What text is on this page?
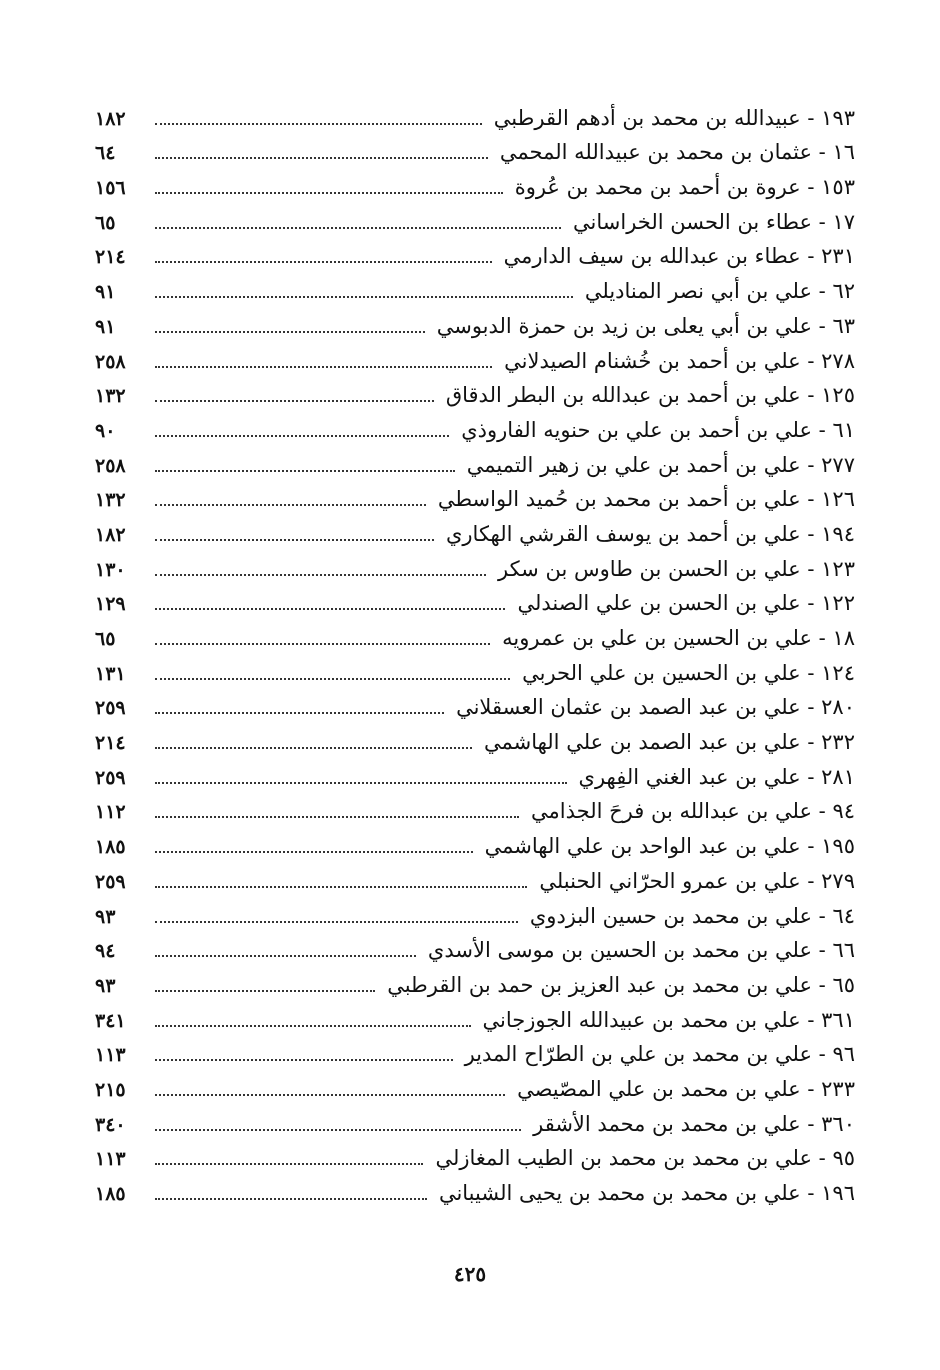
١٩٣ - عبيدالله بن محمد بن أدهم القرطبي
١٨٢
١٦ - عثمان بن محمد بن عبيدالله المحمي
٦٤
١٥٣ - عروة بن أحمد بن محمد بن عُروة
١٥٦
١٧ - عطاء بن الحسن الخراساني
٦٥
٢٣١ - عطاء بن عبدالله بن سيف الدارمي
٢١٤
٦٢ - علي بن أبي نصر المناديلي
٩١
٦٣ - علي بن أبي يعلى بن زيد بن حمزة الدبوسي
٩١
٢٧٨ - علي بن أحمد بن خُشنام الصيدلاني
٢٥٨
١٢٥ - علي بن أحمد بن عبدالله بن البطر الدقاق
١٣٢
٦١ - علي بن أحمد بن علي بن حنويه الفاروذي
٩٠
٢٧٧ - علي بن أحمد بن علي بن زهير التميمي
٢٥٨
١٢٦ - علي بن أحمد بن محمد بن حُميد الواسطي
١٣٢
١٩٤ - علي بن أحمد بن يوسف القرشي الهكاري
١٨٢
١٢٣ - علي بن الحسن بن طاوس بن سكر
١٣٠
١٢٢ - علي بن الحسن بن علي الصندلي
١٢٩
١٨ - علي بن الحسين بن علي بن عمرويه
٦٥
١٢٤ - علي بن الحسين بن علي الحربي
١٣١
٢٨٠ - علي بن عبد الصمد بن عثمان العسقلاني
٢٥٩
٢٣٢ - علي بن عبد الصمد بن علي الهاشمي
٢١٤
٢٨١ - علي بن عبد الغني الفِهري
٢٥٩
٩٤ - علي بن عبدالله بن فرحَ الجذامي
١١٢
١٩٥ - علي بن عبد الواحد بن علي الهاشمي
١٨٥
٢٧٩ - علي بن عمرو الحرّاني الحنبلي
٢٥٩
٦٤ - علي بن محمد بن حسين البزدوي
٩٣
٦٦ - علي بن محمد بن الحسين بن موسى الأسدي
٩٤
٦٥ - علي بن محمد بن عبد العزيز بن حمد بن القرطبي
٩٣
٣٦١ - علي بن محمد بن عبيدالله الجوزجاني
٣٤١
٩٦ - علي بن محمد بن علي بن الطرّاح المدير
١١٣
٢٣٣ - علي بن محمد بن علي المصّيصي
٢١٥
٣٦٠ - علي بن محمد بن محمد الأشقر
٣٤٠
٩٥ - علي بن محمد بن محمد بن الطيب المغازلي
١١٣
١٩٦ - علي بن محمد بن محمد بن يحيى الشيباني
١٨٥
٤٢٥
